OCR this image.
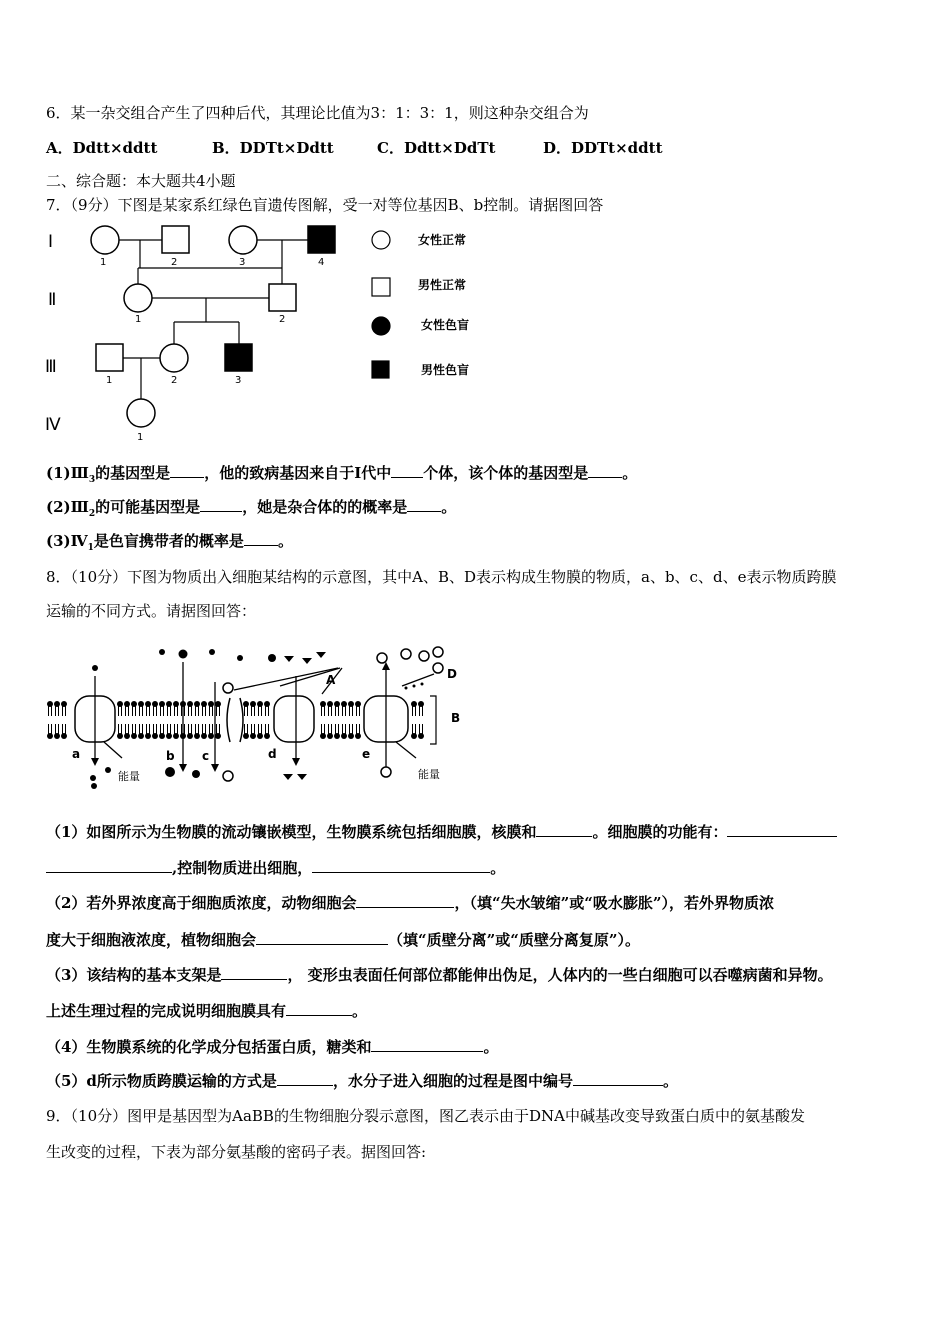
6．某一杂交组合产生了四种后代，其理论比值为3：1：3：1，则这种杂交组合为
A．Ddtt×ddtt	B．DDTt×Ddtt	C．Ddtt×DdTt	D．DDTt×ddtt
二、综合题：本大题共4小题
7．（9分）下图是某家系红绿色盲遗传图解，受一对等位基因B、b控制。请据图回答
Ⅰ
Ⅱ
Ⅲ
Ⅳ
1	2	3	4
1	2
1	2	3
1
女性正常
男性正常
女性色盲
男性色盲
$(1)Ⅲ_3$的基因型是 ，他的致病基因来自于Ⅰ代中 个体，该个体的基因型是 。
$(2)Ⅲ_2$的可能基因型是	，她是杂合体的的概率是 。
$(3)Ⅳ_1$是色盲携带者的概率是 。
8．（10分）下图为物质出入细胞某结构的示意图，其中A、B、D表示构成生物膜的物质，a、b、c、d、e表示物质跨膜
运输的不同方式。请据图回答：
A	D
B
a	b c	d	e
能量	能量
（1）如图所示为生物膜的流动镶嵌模型，生物膜系统包括细胞膜，核膜和	。细胞膜的功能有：
,控制物质进出细胞，	。
（2）若外界浓度高于细胞质浓度，动物细胞会	，（填“失水皱缩”或“吸水膨胀”），若外界物质浓
度大于细胞液浓度，植物细胞会	（填“质壁分离”或“质壁分离复原”）。
（3）该结构的基本支架是	， 变形虫表面任何部位都能伸出伪足，人体内的一些白细胞可以吞噬病菌和异物。
上述生理过程的完成说明细胞膜具有	。
（4）生物膜系统的化学成分包括蛋白质，糖类和	。
（5）d所示物质跨膜运输的方式是	，水分子进入细胞的过程是图中编号	。
9．（10分）图甲是基因型为AaBB的生物细胞分裂示意图，图乙表示由于DNA中碱基改变导致蛋白质中的氨基酸发
生改变的过程，下表为部分氨基酸的密码子表。据图回答:
